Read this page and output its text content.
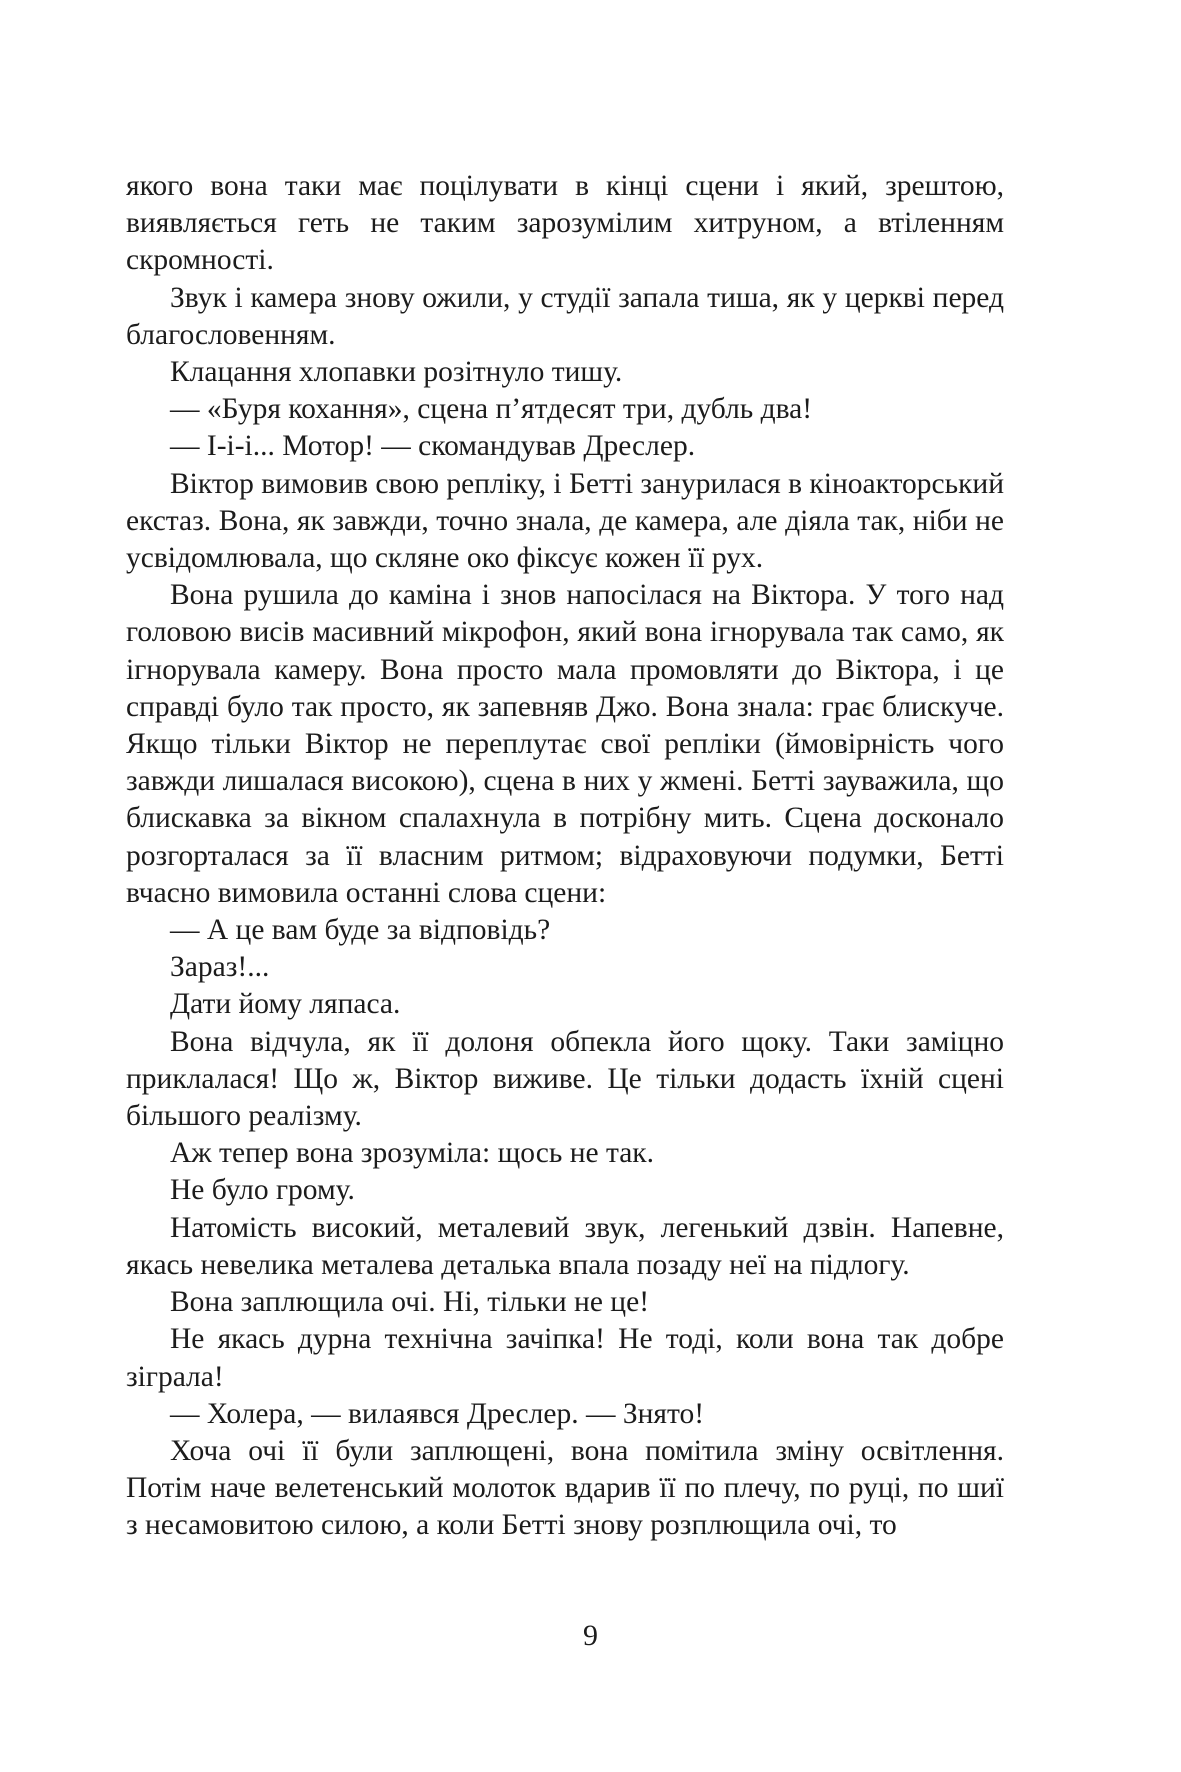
якого вона таки має поцілувати в кінці сцени і який, зрештою, виявляється геть не таким зарозумілим хитруном, а втіленням скромності.

Звук і камера знову ожили, у студії запала тиша, як у церкві перед благословенням.

Клацання хлопавки розітнуло тишу.

— «Буря кохання», сцена п’ятдесят три, дубль два!

— І-і-і... Мотор! — скомандував Дреслер.

Віктор вимовив свою репліку, і Бетті занурилася в кіноакторський екстаз. Вона, як завжди, точно знала, де камера, але діяла так, ніби не усвідомлювала, що скляне око фіксує кожен її рух.

Вона рушила до каміна і знов напосілася на Віктора. У того над головою висів масивний мікрофон, який вона ігнорувала так само, як ігнорувала камеру. Вона просто мала промовляти до Віктора, і це справді було так просто, як запевняв Джо. Вона знала: грає блискуче. Якщо тільки Віктор не переплутає свої репліки (ймовірність чого завжди лишалася високою), сцена в них у жмені. Бетті зауважила, що блискавка за вікном спалахнула в потрібну мить. Сцена досконало розгорталася за її власним ритмом; відраховуючи подумки, Бетті вчасно вимовила останні слова сцени:

— А це вам буде за відповідь?

Зараз!...

Дати йому ляпаса.

Вона відчула, як її долоня обпекла його щоку. Таки заміцно приклалася! Що ж, Віктор виживе. Це тільки додасть їхній сцені більшого реалізму.

Аж тепер вона зрозуміла: щось не так.

Не було грому.

Натомість високий, металевий звук, легенький дзвін. Напевне, якась невелика металева деталька впала позаду неї на підлогу.

Вона заплющила очі. Ні, тільки не це!

Не якась дурна технічна зачіпка! Не тоді, коли вона так добре зіграла!

— Холера, — вилаявся Дреслер. — Знято!

Хоча очі її були заплющені, вона помітила зміну освітлення. Потім наче велетенський молоток вдарив її по плечу, по руці, по шиї з несамовитою силою, а коли Бетті знову розплющила очі, то

9
